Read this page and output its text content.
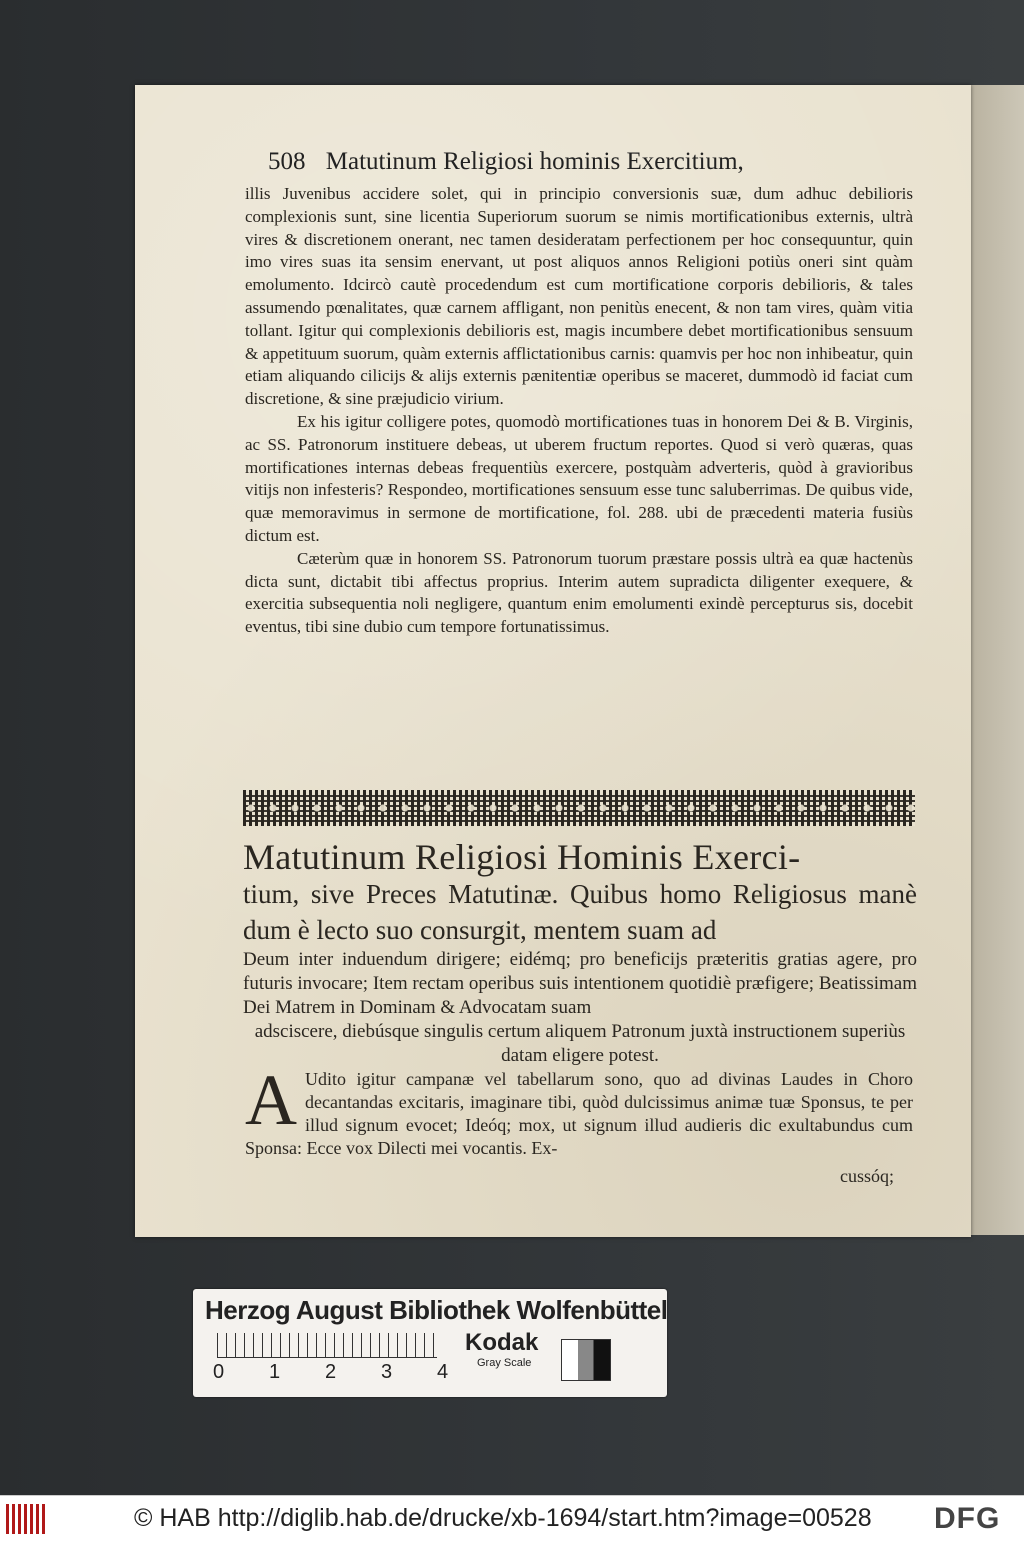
508 Matutinum Religiosi hominis Exercitium,

illis Juvenibus accidere solet, qui in principio conversionis suæ, dum adhuc debilioris complexionis sunt, sine licentia Superiorum suorum se nimis mortificationibus externis, ultrà vires & discretionem onerant, nec tamen desideratam perfectionem per hoc consequuntur, quin imo vires suas ita sensim enervant, ut post aliquos annos Religioni potiùs oneri sint quàm emolumento. Idcircò cautè procedendum est cum mortificatione corporis debilioris, & tales assumendo pœnalitates, quæ carnem affligant, non penitùs enecent, & non tam vires, quàm vitia tollant. Igitur qui complexionis debilioris est, magis incumbere debet mortificationibus sensuum & appetituum suorum, quàm externis afflictationibus carnis: quamvis per hoc non inhibeatur, quin etiam aliquando cilicijs & alijs externis pænitentiæ operibus se maceret, dummodò id faciat cum discretione, & sine præjudicio virium.

Ex his igitur colligere potes, quomodò mortificationes tuas in honorem Dei & B. Virginis, ac SS. Patronorum instituere debeas, ut uberem fructum reportes. Quod si verò quæras, quas mortificationes internas debeas frequentiùs exercere, postquàm adverteris, quòd à gravioribus vitijs non infesteris? Respondeo, mortificationes sensuum esse tunc saluberrimas. De quibus vide, quæ memoravimus in sermone de mortificatione, fol. 288. ubi de præcedenti materia fusiùs dictum est.

Cæterùm quæ in honorem SS. Patronorum tuorum præstare possis ultrà ea quæ hactenùs dicta sunt, dictabit tibi affectus proprius. Interim autem supradicta diligenter exequere, & exercitia subsequentia noli negligere, quantum enim emolumenti exindè percepturus sis, docebit eventus, tibi sine dubio cum tempore fortunatissimus.

Matutinum Religiosi Hominis Exerci-
tium, sive Preces Matutinæ. Quibus homo Religiosus manè dum è lecto suo consurgit, mentem suam ad
Deum inter induendum dirigere; eidémq; pro beneficijs præteritis gratias agere, pro futuris invocare; Item rectam operibus suis intentionem quotidiè præfigere; Beatissimam Dei Matrem in Dominam & Advocatam suam
adsciscere, diebúsque singulis certum aliquem Patronum juxtà instructionem superiùs datam eligere potest.
A Udito igitur campanæ vel tabellarum sono, quo ad divinas Laudes in Choro decantandas excitaris, imaginare tibi, quòd dulcissimus animæ tuæ Sponsus, te per illud signum evocet; Ideóq; mox, ut signum illud audieris dic exultabundus cum Sponsa: Ecce vox Dilecti mei vocantis. Ex-
cussóq;
Herzog August Bibliothek Wolfenbüttel
0 1 2 3 4
Kodak
Gray Scale
© HAB http://diglib.hab.de/drucke/xb-1694/start.htm?image=00528 DFG
